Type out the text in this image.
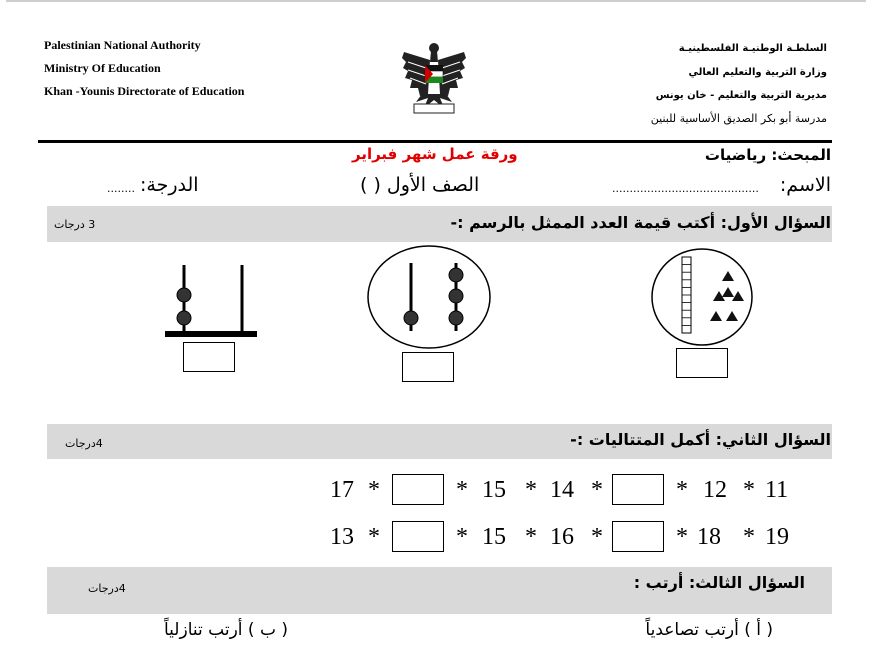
Palestinian National Authority
Ministry Of Education
Khan -Younis Directorate of Education
السلطـة الوطنيـة الفلسطينيـة
وزارة التربية والتعليم العالي
مديرية التربية والتعليم - خان يونس
مدرسة أبو بكر الصديق الأساسية للبنين
المبحث: رياضيات
ورقة عمل شهر فبراير
الاسم:
..........................................
الصف الأول ( )
الدرجة:
........
السؤال الأول: أكتب قيمة العدد الممثل بالرسم :-
3 درجات
السؤال الثاني: أكمل المتتاليات :-
4درجات
17 *	* 15 * 14 *	* 12 * 11
13 *	* 15 * 16 *	* 18 * 19
السؤال الثالث: أرتب :
4درجات
( أ ) أرتب تصاعدياً
( ب ) أرتب تنازلياً
